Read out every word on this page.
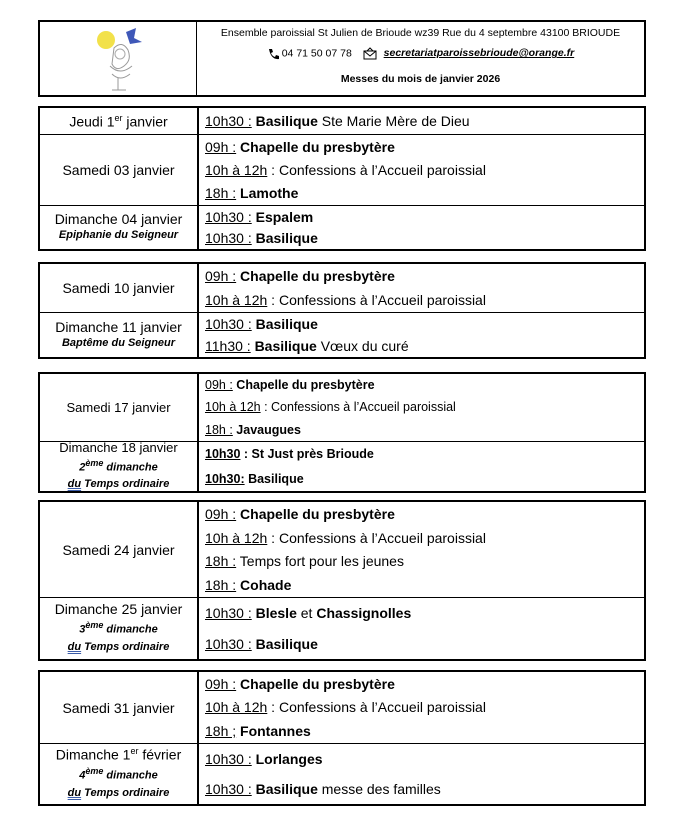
Ensemble paroissial St Julien de Brioude wz39 Rue du 4 septembre 43100 BRIOUDE
04 71 50 07 78	secretariatparoissebrioude@orange.fr
Messes du mois de janvier 2026
Jeudi 1er janvier	10h30 : Basilique Ste Marie Mère de Dieu
Samedi 03 janvier
09h : Chapelle du presbytère
10h à 12h : Confessions à l’Accueil paroissial
18h : Lamothe
Dimanche 04 janvier
Epiphanie du Seigneur
10h30 : Espalem
10h30 : Basilique
Samedi 10 janvier
09h : Chapelle du presbytère
10h à 12h : Confessions à l’Accueil paroissial
Dimanche 11 janvier
Baptême du Seigneur
10h30 : Basilique
11h30 : Basilique Vœux du curé
Samedi 17 janvier
09h : Chapelle du presbytère
10h à 12h : Confessions à l’Accueil paroissial
18h : Javaugues
Dimanche 18 janvier
2ème dimanche
du Temps ordinaire
10h30 : St Just près Brioude
10h30: Basilique
Samedi 24 janvier
09h : Chapelle du presbytère
10h à 12h : Confessions à l’Accueil paroissial
18h : Temps fort pour les jeunes
18h : Cohade
Dimanche 25 janvier
3ème dimanche
du Temps ordinaire
10h30 : Blesle et Chassignolles
10h30 : Basilique
Samedi 31 janvier
09h : Chapelle du presbytère
10h à 12h : Confessions à l’Accueil paroissial
18h ; Fontannes
Dimanche 1er février
4ème dimanche
du Temps ordinaire
10h30 : Lorlanges
10h30 : Basilique messe des familles
